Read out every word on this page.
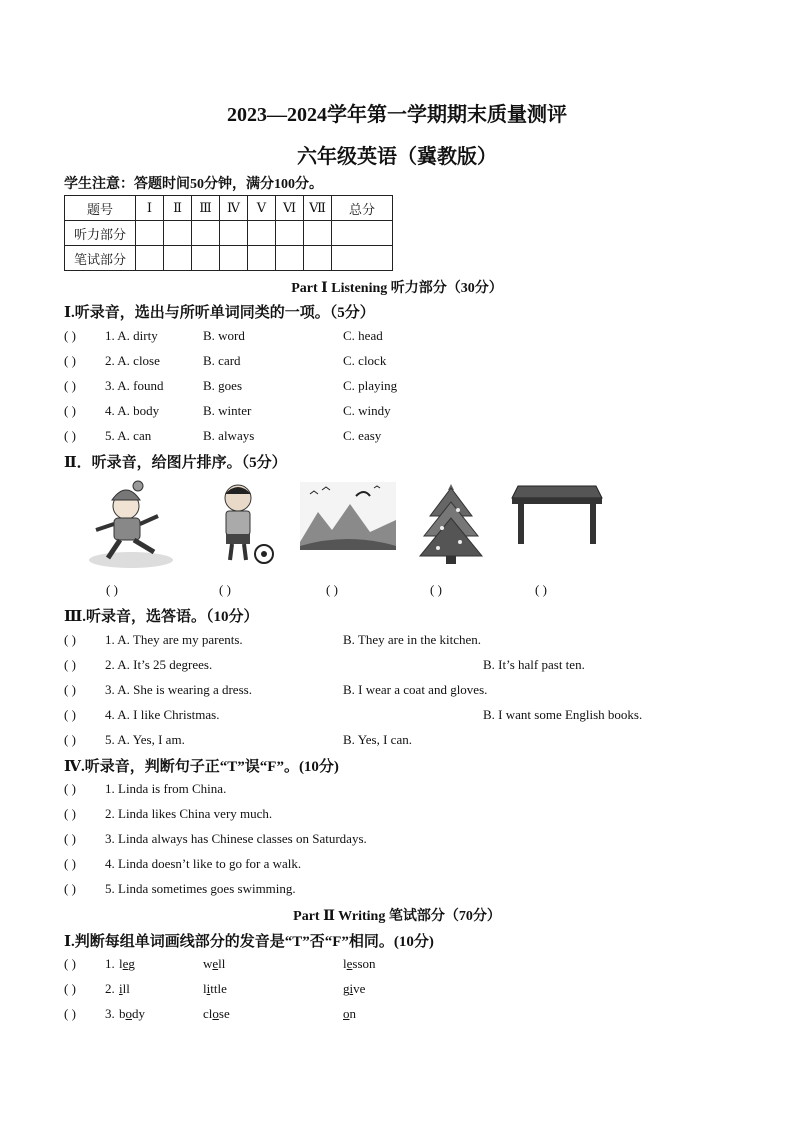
2023—2024学年第一学期期末质量测评
六年级英语（冀教版）
学生注意：答题时间50分钟，满分100分。
题号	Ⅰ	Ⅱ	Ⅲ	Ⅳ	Ⅴ	Ⅵ	Ⅶ	总分
听力部分								
笔试部分								
Part Ⅰ Listening 听力部分（30分）
Ⅰ.听录音，选出与所听单词同类的一项。（5分）
( ) 1. A. dirty	B. word	C. head
( ) 2. A. close	B. card	C. clock
( ) 3. A. found	B. goes	C. playing
( ) 4. A. body	B. winter	C. windy
( ) 5. A. can	B. always	C. easy
Ⅱ．听录音，给图片排序。（5分）
( )	( )	( )	( )	( )
Ⅲ.听录音，选答语。（10分）
( ) 1. A. They are my parents.	B. They are in the kitchen.
( ) 2. A. It’s 25 degrees.	B. It’s half past ten.
( ) 3. A. She is wearing a dress.	B. I wear a coat and gloves.
( ) 4. A. I like Christmas.	B. I want some English books.
( ) 5. A. Yes, I am.	B. Yes, I can.
Ⅳ.听录音，判断句子正“T”误“F”。(10分)
( ) 1. Linda is from China.
( ) 2. Linda likes China very much.
( ) 3. Linda always has Chinese classes on Saturdays.
( ) 4. Linda doesn’t like to go for a walk.
( ) 5. Linda sometimes goes swimming.
Part Ⅱ Writing 笔试部分（70分）
Ⅰ.判断每组单词画线部分的发音是“T”否“F”相同。(10分)
( ) 1. leg	well	lesson
( ) 2. ill	little	give
( ) 3. body	close	on
